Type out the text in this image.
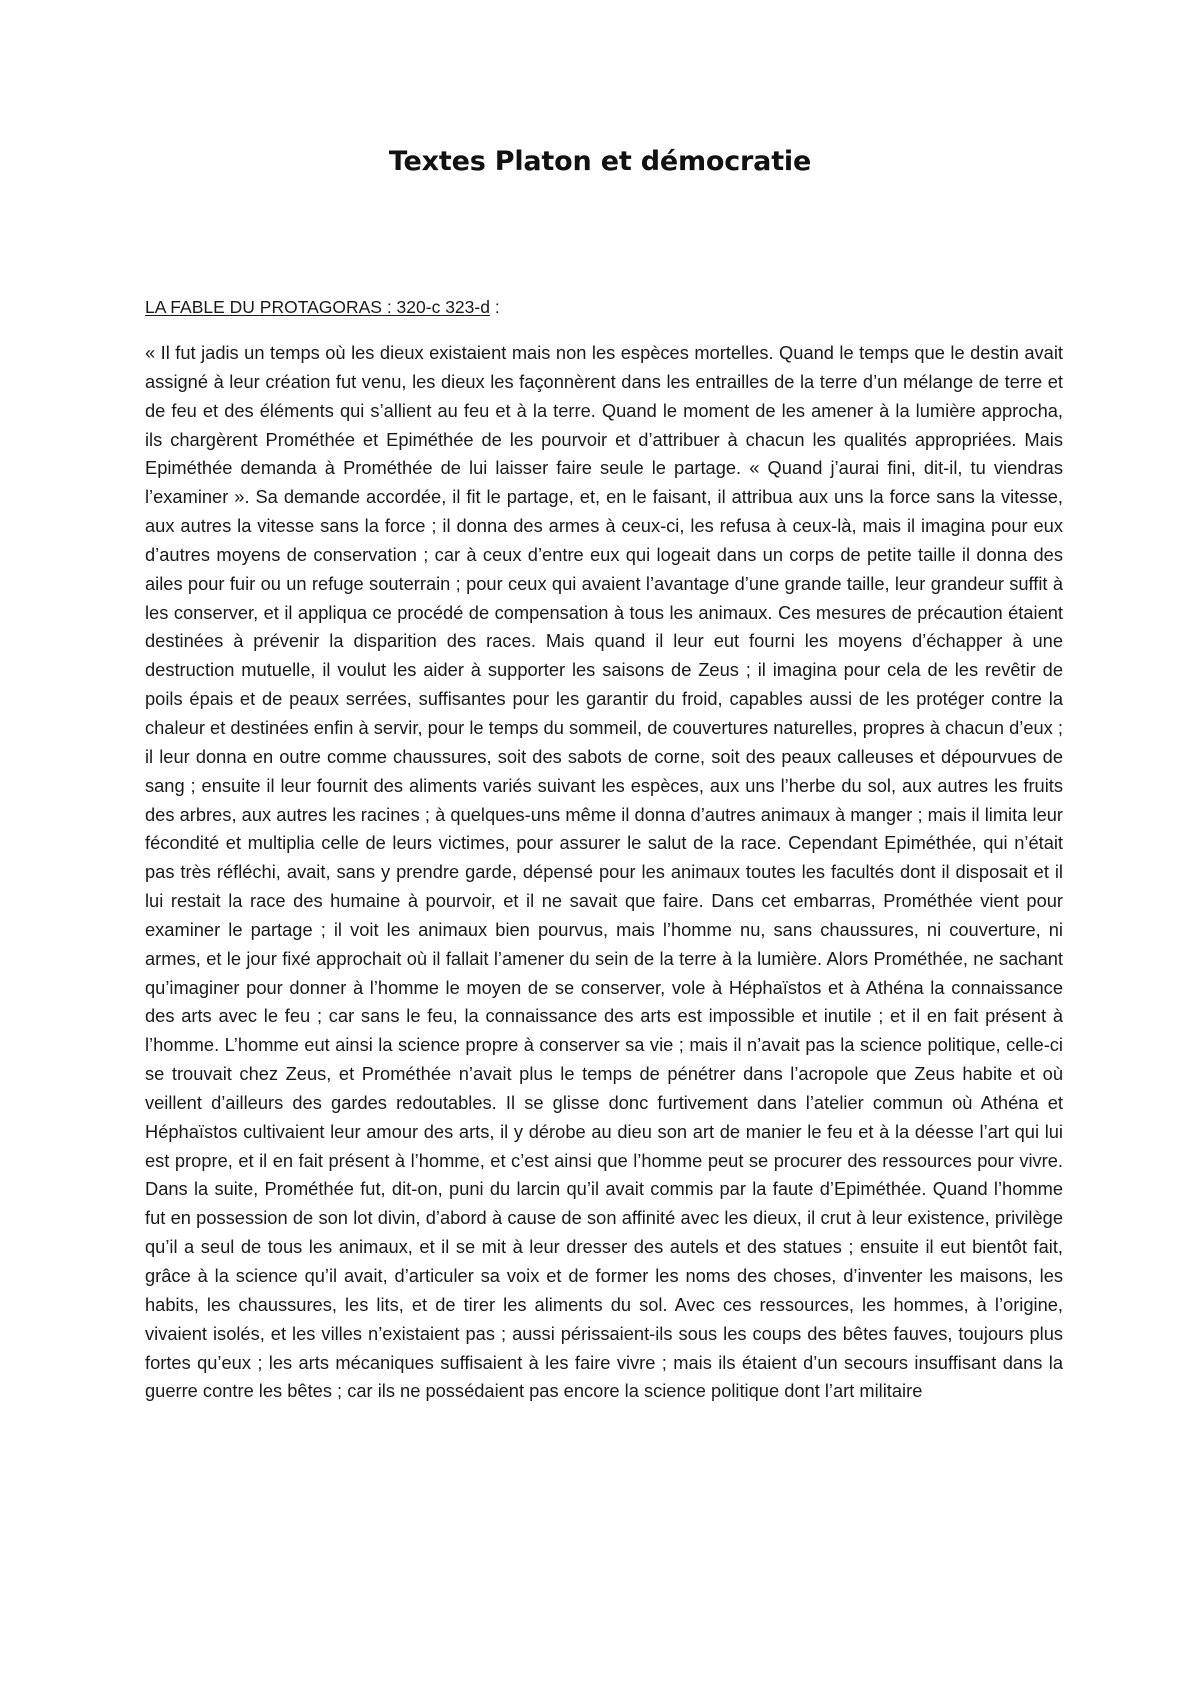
Textes Platon et démocratie

LA FABLE DU PROTAGORAS : 320-c 323-d :

« Il fut jadis un temps où les dieux existaient mais non les espèces mortelles. Quand le temps que le destin avait assigné à leur création fut venu, les dieux les façonnèrent dans les entrailles de la terre d’un mélange de terre et de feu et des éléments qui s’allient au feu et à la terre. Quand le moment de les amener à la lumière approcha, ils chargèrent Prométhée et Epiméthée de les pourvoir et d’attribuer à chacun les qualités appropriées. Mais Epiméthée demanda à Prométhée de lui laisser faire seule le partage. « Quand j’aurai fini, dit-il, tu viendras l’examiner ». Sa demande accordée, il fit le partage, et, en le faisant, il attribua aux uns la force sans la vitesse, aux autres la vitesse sans la force ; il donna des armes à ceux-ci, les refusa à ceux-là, mais il imagina pour eux d’autres moyens de conservation ; car à ceux d’entre eux qui logeait dans un corps de petite taille il donna des ailes pour fuir ou un refuge souterrain ; pour ceux qui avaient l’avantage d’une grande taille, leur grandeur suffit à les conserver, et il appliqua ce procédé de compensation à tous les animaux. Ces mesures de précaution étaient destinées à prévenir la disparition des races. Mais quand il leur eut fourni les moyens d’échapper à une destruction mutuelle, il voulut les aider à supporter les saisons de Zeus ; il imagina pour cela de les revêtir de poils épais et de peaux serrées, suffisantes pour les garantir du froid, capables aussi de les protéger contre la chaleur et destinées enfin à servir, pour le temps du sommeil, de couvertures naturelles, propres à chacun d’eux ; il leur donna en outre comme chaussures, soit des sabots de corne, soit des peaux calleuses et dépourvues de sang ; ensuite il leur fournit des aliments variés suivant les espèces, aux uns l’herbe du sol, aux autres les fruits des arbres, aux autres les racines ; à quelques-uns même il donna d’autres animaux à manger ; mais il limita leur fécondité et multiplia celle de leurs victimes, pour assurer le salut de la race. Cependant Epiméthée, qui n’était pas très réfléchi, avait, sans y prendre garde, dépensé pour les animaux toutes les facultés dont il disposait et il lui restait la race des humaine à pourvoir, et il ne savait que faire. Dans cet embarras, Prométhée vient pour examiner le partage ; il voit les animaux bien pourvus, mais l’homme nu, sans chaussures, ni couverture, ni armes, et le jour fixé approchait où il fallait l’amener du sein de la terre à la lumière. Alors Prométhée, ne sachant qu’imaginer pour donner à l’homme le moyen de se conserver, vole à Héphaïstos et à Athéna la connaissance des arts avec le feu ; car sans le feu, la connaissance des arts est impossible et inutile ; et il en fait présent à l’homme. L’homme eut ainsi la science propre à conserver sa vie ; mais il n’avait pas la science politique, celle-ci se trouvait chez Zeus, et Prométhée n’avait plus le temps de pénétrer dans l’acropole que Zeus habite et où veillent d’ailleurs des gardes redoutables. Il se glisse donc furtivement dans l’atelier commun où Athéna et Héphaïstos cultivaient leur amour des arts, il y dérobe au dieu son art de manier le feu et à la déesse l’art qui lui est propre, et il en fait présent à l’homme, et c’est ainsi que l’homme peut se procurer des ressources pour vivre. Dans la suite, Prométhée fut, dit-on, puni du larcin qu’il avait commis par la faute d’Epiméthée. Quand l’homme fut en possession de son lot divin, d’abord à cause de son affinité avec les dieux, il crut à leur existence, privilège qu’il a seul de tous les animaux, et il se mit à leur dresser des autels et des statues ; ensuite il eut bientôt fait, grâce à la science qu’il avait, d’articuler sa voix et de former les noms des choses, d’inventer les maisons, les habits, les chaussures, les lits, et de tirer les aliments du sol. Avec ces ressources, les hommes, à l’origine, vivaient isolés, et les villes n’existaient pas ; aussi périssaient-ils sous les coups des bêtes fauves, toujours plus fortes qu’eux ; les arts mécaniques suffisaient à les faire vivre ; mais ils étaient d’un secours insuffisant dans la guerre contre les bêtes ; car ils ne possédaient pas encore la science politique dont l’art militaire
